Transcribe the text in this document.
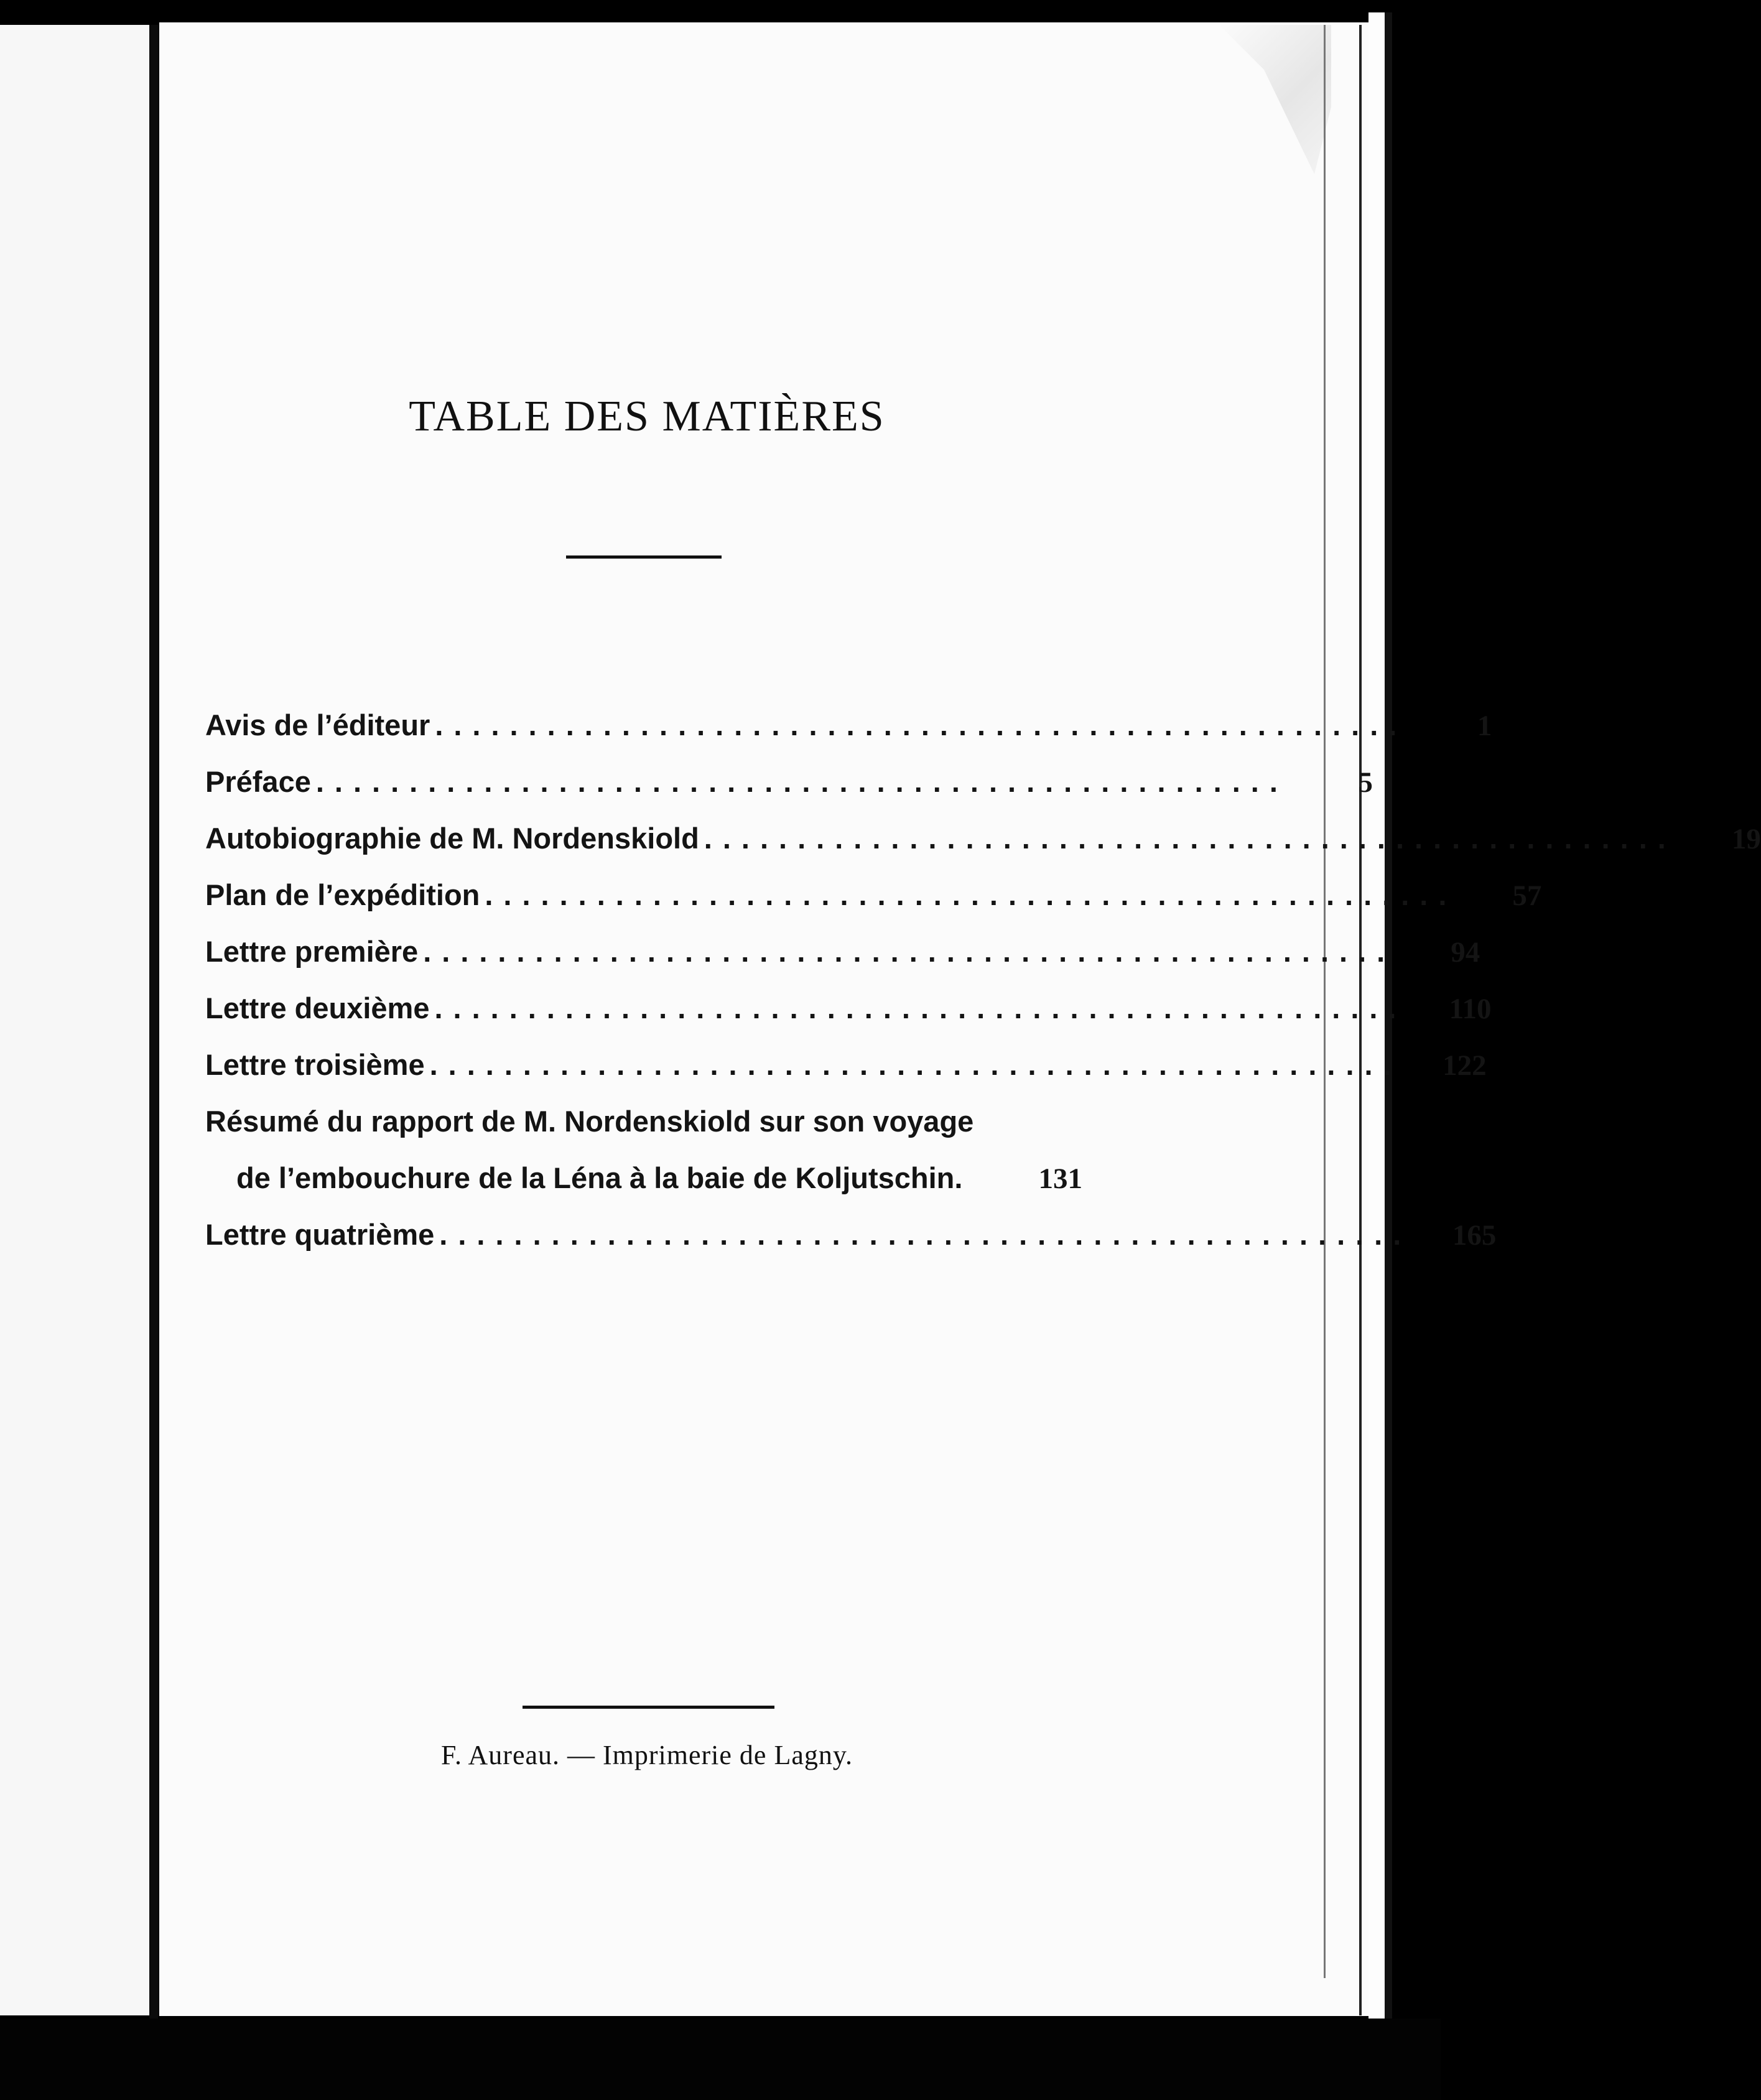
TABLE DES MATIÈRES
Avis de l’éditeur ....................................................	1
Préface ....................................................	5
Autobiographie de M. Nordenskiold ....................................................	19
Plan de l’expédition ....................................................	57
Lettre première ....................................................	94
Lettre deuxième ....................................................	110
Lettre troisième ....................................................	122
Résumé du rapport de M. Nordenskiold sur son voyage
de l’embouchure de la Léna à la baie de Koljutschin.	131
Lettre quatrième ....................................................	165
F. Aureau. — Imprimerie de Lagny.
